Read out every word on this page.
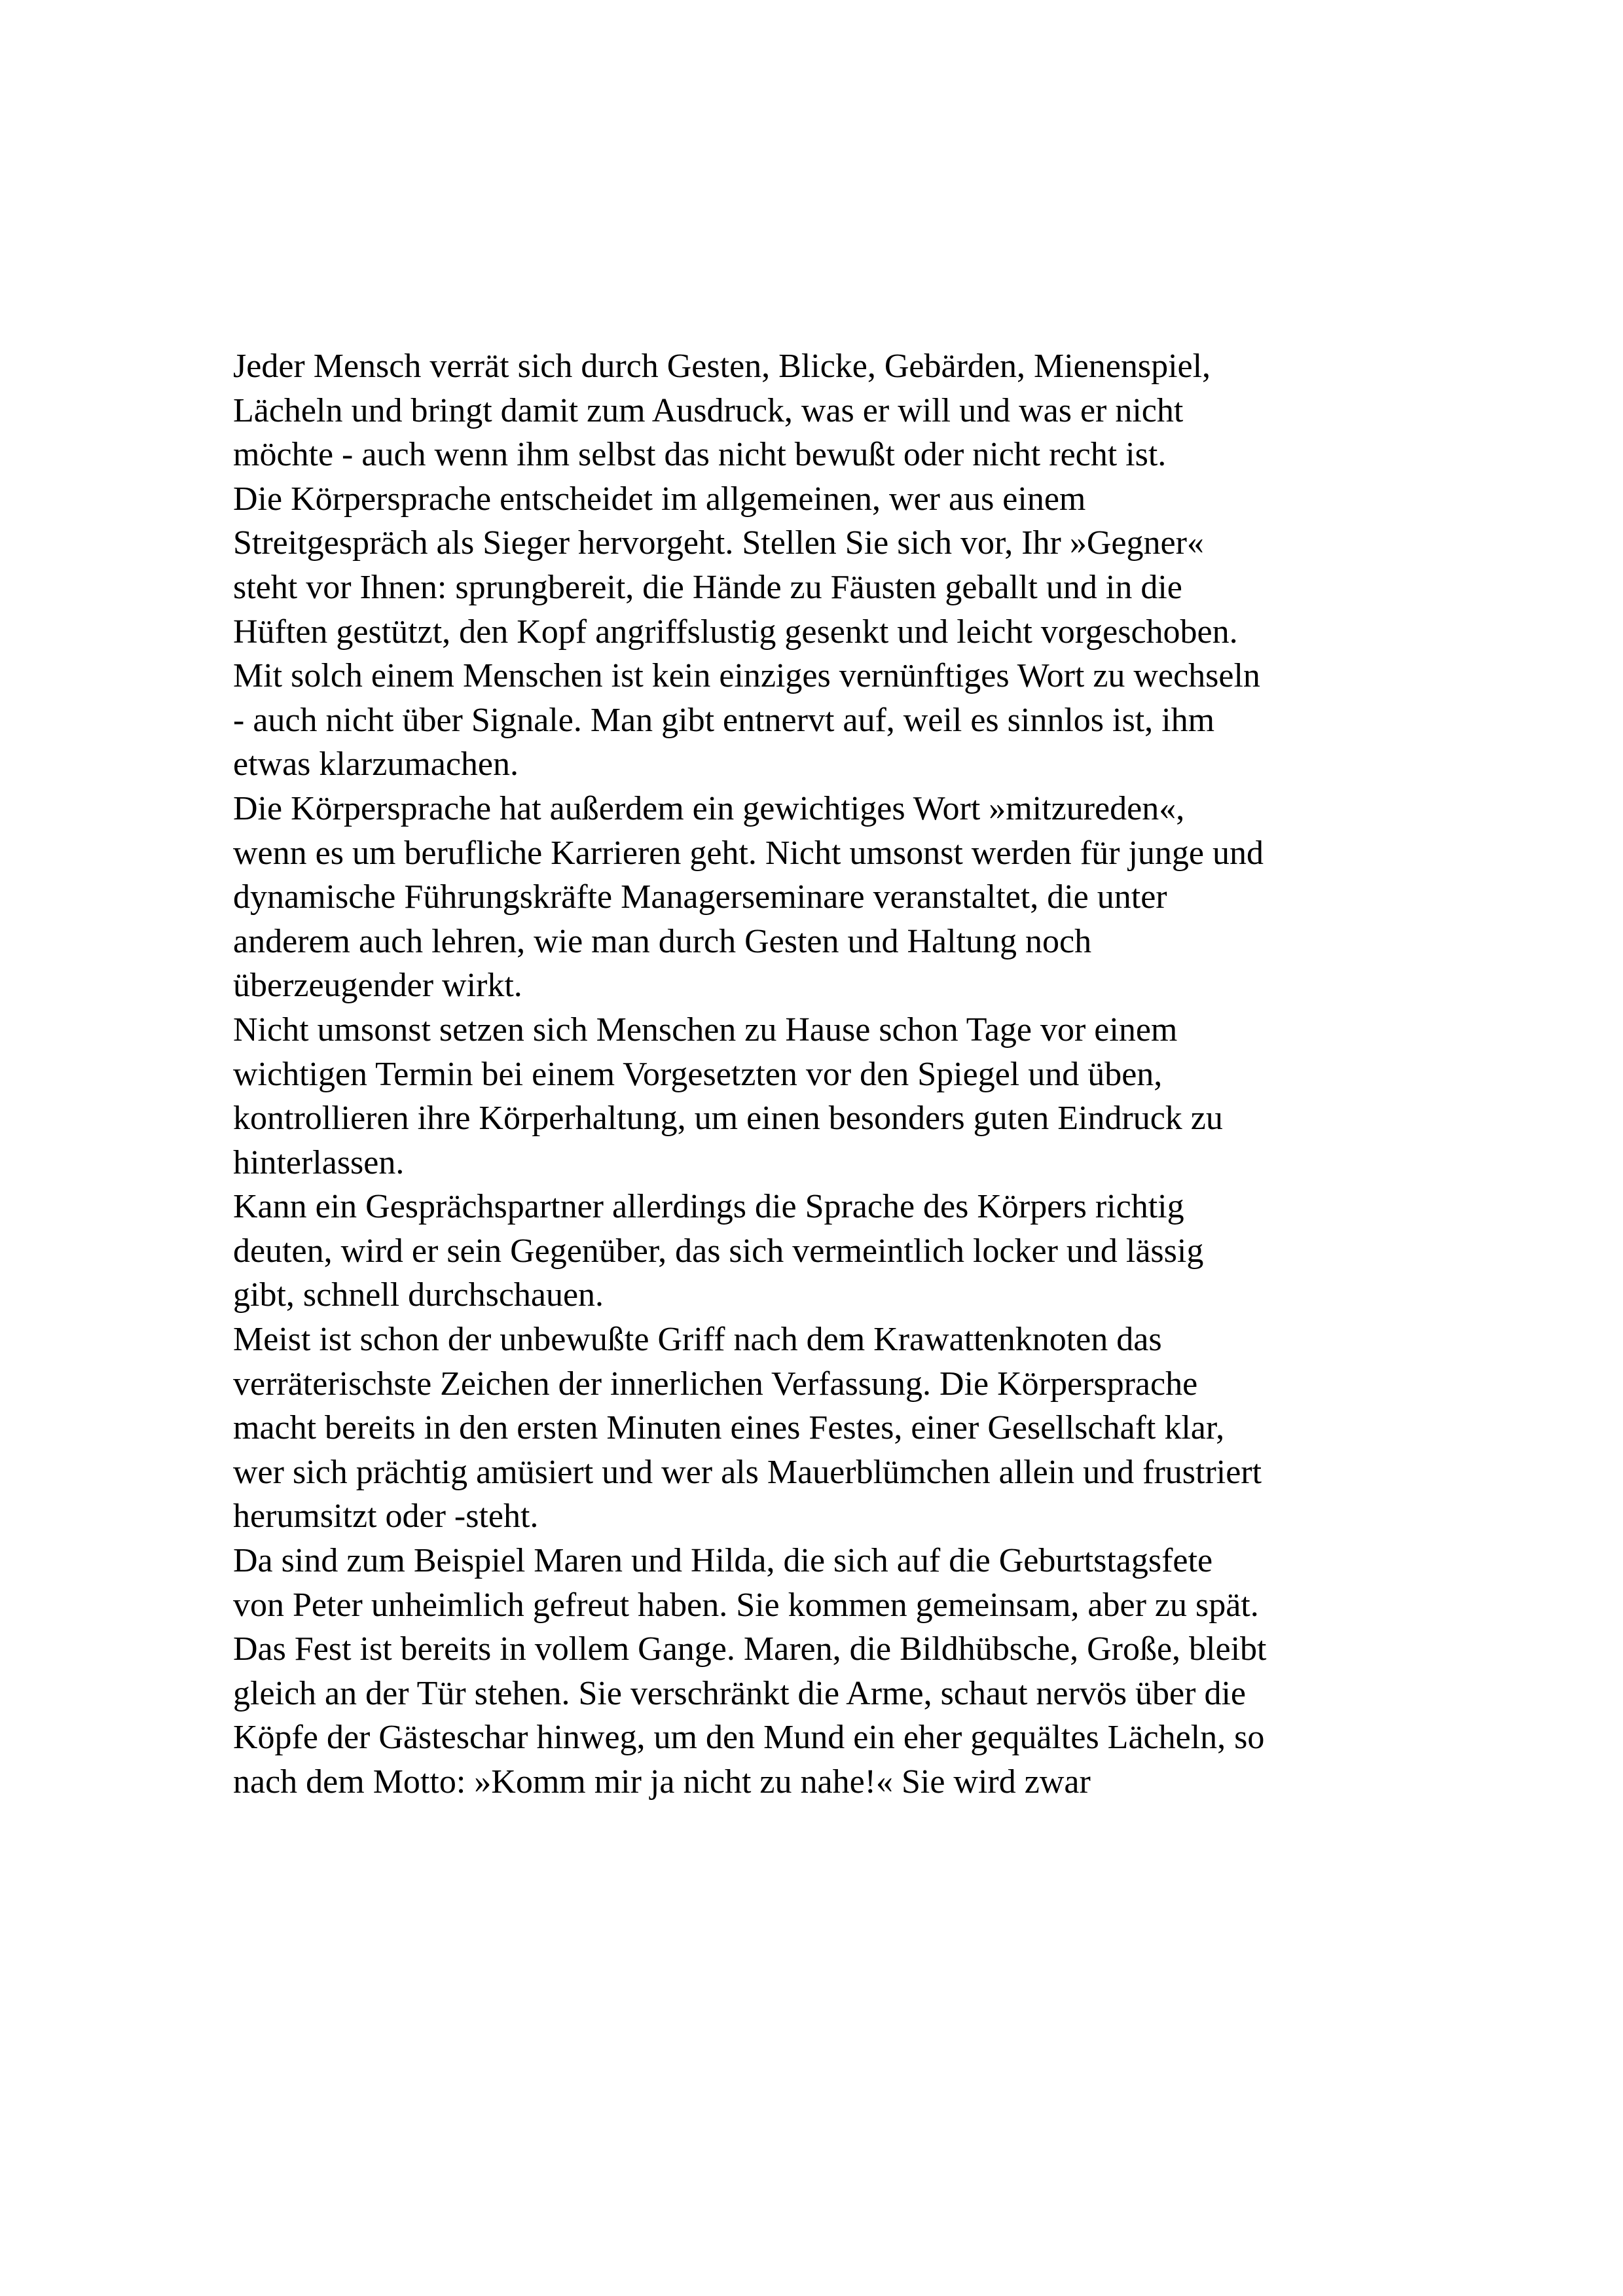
Jeder Mensch verrät sich durch Gesten, Blicke, Gebärden, Mienenspiel,
Lächeln und bringt damit zum Ausdruck, was er will und was er nicht
möchte - auch wenn ihm selbst das nicht bewußt oder nicht recht ist.
Die Körpersprache entscheidet im allgemeinen, wer aus einem
Streitgespräch als Sieger hervorgeht. Stellen Sie sich vor, Ihr »Gegner«
steht vor Ihnen: sprungbereit, die Hände zu Fäusten geballt und in die
Hüften gestützt, den Kopf angriffslustig gesenkt und leicht vorgeschoben.
Mit solch einem Menschen ist kein einziges vernünftiges Wort zu wechseln
- auch nicht über Signale. Man gibt entnervt auf, weil es sinnlos ist, ihm
etwas klarzumachen.
Die Körpersprache hat außerdem ein gewichtiges Wort »mitzureden«,
wenn es um berufliche Karrieren geht. Nicht umsonst werden für junge und
dynamische Führungskräfte Managerseminare veranstaltet, die unter
anderem auch lehren, wie man durch Gesten und Haltung noch
überzeugender wirkt.
Nicht umsonst setzen sich Menschen zu Hause schon Tage vor einem
wichtigen Termin bei einem Vorgesetzten vor den Spiegel und üben,
kontrollieren ihre Körperhaltung, um einen besonders guten Eindruck zu
hinterlassen.
Kann ein Gesprächspartner allerdings die Sprache des Körpers richtig
deuten, wird er sein Gegenüber, das sich vermeintlich locker und lässig
gibt, schnell durchschauen.
Meist ist schon der unbewußte Griff nach dem Krawattenknoten das
verräterischste Zeichen der innerlichen Verfassung. Die Körpersprache
macht bereits in den ersten Minuten eines Festes, einer Gesellschaft klar,
wer sich prächtig amüsiert und wer als Mauerblümchen allein und frustriert
herumsitzt oder -steht.
Da sind zum Beispiel Maren und Hilda, die sich auf die Geburtstagsfete
von Peter unheimlich gefreut haben. Sie kommen gemeinsam, aber zu spät.
Das Fest ist bereits in vollem Gange. Maren, die Bildhübsche, Große, bleibt
gleich an der Tür stehen. Sie verschränkt die Arme, schaut nervös über die
Köpfe der Gästeschar hinweg, um den Mund ein eher gequältes Lächeln, so
nach dem Motto: »Komm mir ja nicht zu nahe!« Sie wird zwar
